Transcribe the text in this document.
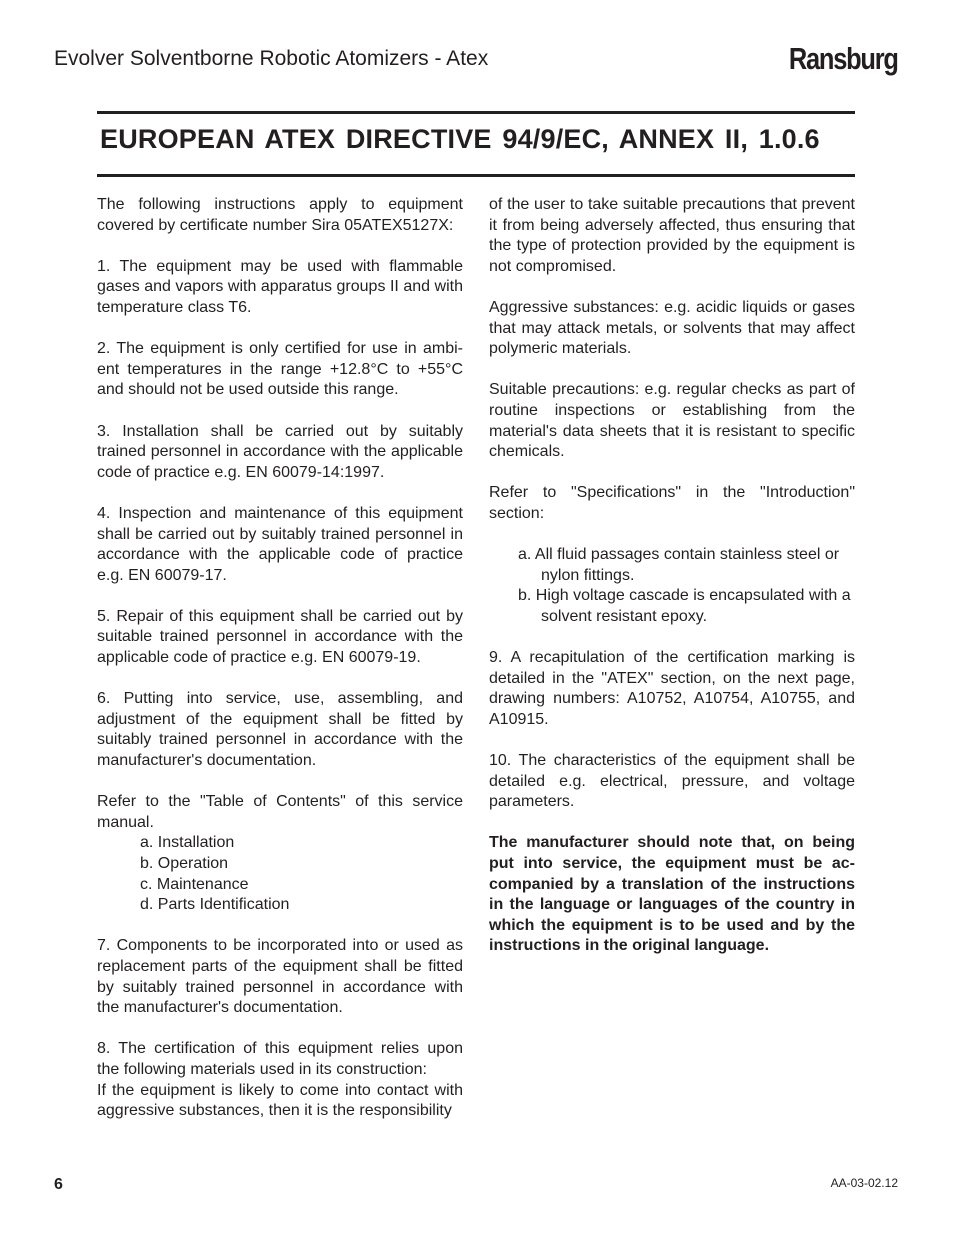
Evolver Solventborne Robotic Atomizers - Atex	Ransburg
EUROPEAN ATEX DIRECTIVE 94/9/EC, ANNEX II, 1.0.6

The following instructions apply to equipment covered by certificate number Sira 05ATEX5127X:

1. The equipment may be used with flammable gases and vapors with apparatus groups II and with temperature class T6.

2. The equipment is only certified for use in ambi-ent temperatures in the range +12.8°C to +55°C and should not be used outside this range.

3. Installation shall be carried out by suitably trained personnel in accordance with the applicable code of practice e.g. EN 60079-14:1997.

4. Inspection and maintenance of this equipment shall be carried out by suitably trained personnel in accordance with the applicable code of practice e.g. EN 60079-17.

5. Repair of this equipment shall be carried out by suitable trained personnel in accordance with the applicable code of practice e.g. EN 60079-19.

6. Putting into service, use, assembling, and adjustment of the equipment shall be fitted by suitably trained personnel in accordance with the manufacturer's documentation.

Refer to the "Table of Contents" of this service manual.

a. Installation
b. Operation
c. Maintenance
d. Parts Identification

7. Components to be incorporated into or used as replacement parts of the equipment shall be fitted by suitably trained personnel in accordance with the manufacturer's documentation.

8. The certification of this equipment relies upon the following materials used in its construction:

If the equipment is likely to come into contact with aggressive substances, then it is the responsibility

of the user to take suitable precautions that prevent it from being adversely affected, thus ensuring that the type of protection provided by the equipment is not compromised.

Aggressive substances: e.g. acidic liquids or gases that may attack metals, or solvents that may affect polymeric materials.

Suitable precautions: e.g. regular checks as part of routine inspections or establishing from the material's data sheets that it is resistant to specific chemicals.

Refer to "Specifications" in the "Introduction" section:

a. All fluid passages contain stainless steel or nylon fittings.
b. High voltage cascade is encapsulated with a solvent resistant epoxy.

9. A recapitulation of the certification marking is detailed in the "ATEX" section, on the next page, drawing numbers: A10752, A10754, A10755, and A10915.

10. The characteristics of the equipment shall be detailed e.g. electrical, pressure, and voltage parameters.

The manufacturer should note that, on being put into service, the equipment must be ac-companied by a translation of the instructions in the language or languages of the country in which the equipment is to be used and by the instructions in the original language.

6	AA-03-02.12
